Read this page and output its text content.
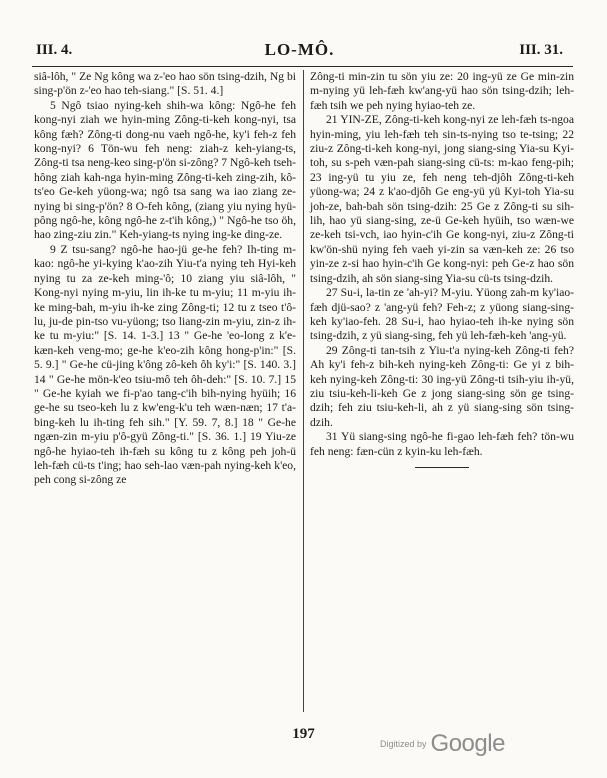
III. 4.	LO-MÔ.	III. 31.

siâ-lôh, " Ze Ng kông wa z-'eo hao sön tsing-dzih, Ng bi sing-p'ön z-'eo hao teh-siang." [S. 51. 4.]

5 Ngô tsiao nying-keh shih-wa kông: Ngô-he feh kong-nyi ziah we hyin-ming Zông-ti-keh kong-nyi, tsa kông fæh? Zông-ti dong-nu vaeh ngô-he, ky'i feh-z feh kong-nyi? 6 Tön-wu feh neng: ziah-z keh-yiang-ts, Zông-ti tsa neng-keo sing-p'ön si-zông? 7 Ngô-keh tseh-hông ziah kah-nga hyin-ming Zông-ti-keh zing-zih, kô-ts'eo Ge-keh yüong-wa; ngô tsa sang wa iao ziang ze-nying bi sing-p'ön? 8 O-feh kông, (ziang yiu nying hyü-pông ngô-he, kông ngô-he z-t'ih kông,) " Ngô-he tso öh, hao zing-ziu zin." Keh-yiang-ts nying ing-ke ding-ze.

9 Z tsu-sang? ngô-he hao-jü ge-he feh? Ih-ting m-kao: ngô-he yi-kying k'ao-zih Yiu-t'a nying teh Hyi-keh nying tu za ze-keh ming-'ô; 10 ziang yiu siâ-lôh, " Kong-nyi nying m-yiu, lin ih-ke tu m-yiu; 11 m-yiu ih-ke ming-bah, m-yiu ih-ke zing Zông-ti; 12 tu z tseo t'ô-lu, ju-de pin-tso vu-yüong; tso liang-zin m-yiu, zin-z ih-ke tu m-yiu:" [S. 14. 1-3.] 13 " Ge-he 'eo-long z k'e-kæn-keh veng-mo; ge-he k'eo-zih kông hong-p'in:" [S. 5. 9.] " Ge-he cü-jing k'ông zô-keh ôh ky'i:" [S. 140. 3.] 14 " Ge-he mön-k'eo tsiu-mô teh ôh-deh:" [S. 10. 7.] 15 " Ge-he kyiah we fi-p'ao tang-c'ih bih-nying hyüih; 16 ge-he su tseo-keh lu z kw'eng-k'u teh wæn-næn; 17 t'a-bing-keh lu ih-ting feh sih." [Y. 59. 7, 8.] 18 " Ge-he ngæn-zin m-yiu p'ô-gyü Zông-ti." [S. 36. 1.] 19 Yiu-ze ngô-he hyiao-teh ih-fæh su kông tu z kông peh joh-ü leh-fæh cü-ts t'ing; hao seh-lao væn-pah nying-keh k'eo, peh cong si-zông ze

Zông-ti min-zin tu sön yiu ze: 20 ing-yü ze Ge min-zin m-nying yü leh-fæh kw'ang-yü hao sön tsing-dzih; leh-fæh tsih we peh nying hyiao-teh ze.

21 YIN-ZE, Zông-ti-keh kong-nyi ze leh-fæh ts-ngoa hyin-ming, yiu leh-fæh teh sin-ts-nying tso te-tsing; 22 ziu-z Zông-ti-keh kong-nyi, jong siang-sing Yia-su Kyi-toh, su s-peh væn-pah siang-sing cü-ts: m-kao feng-pih; 23 ing-yü tu yiu ze, feh neng teh-djôh Zông-ti-keh yüong-wa; 24 z k'ao-djôh Ge eng-yü yü Kyi-toh Yia-su joh-ze, bah-bah sön tsing-dzih: 25 Ge z Zông-ti su sih-lih, hao yü siang-sing, ze-ü Ge-keh hyüih, tso wæn-we ze-keh tsi-vch, iao hyin-c'ih Ge kong-nyi, ziu-z Zông-ti kw'ön-shü nying feh vaeh yi-zin sa væn-keh ze: 26 tso yin-ze z-si hao hyin-c'ih Ge kong-nyi: peh Ge-z hao sön tsing-dzih, ah sön siang-sing Yia-su cü-ts tsing-dzih.

27 Su-i, la-tin ze 'ah-yi? M-yiu. Yüong zah-m ky'iao-fæh djü-sao? z 'ang-yü feh? Feh-z; z yüong siang-sing-keh ky'iao-feh. 28 Su-i, hao hyiao-teh ih-ke nying sön tsing-dzih, z yü siang-sing, feh yü leh-fæh-keh 'ang-yü.

29 Zông-ti tan-tsih z Yiu-t'a nying-keh Zông-ti feh? Ah ky'i feh-z bih-keh nying-keh Zông-ti: Ge yi z bih-keh nying-keh Zông-ti: 30 ing-yü Zông-ti tsih-yiu ih-yü, ziu tsiu-keh-li-keh Ge z jong siang-sing sön ge tsing-dzih; feh ziu tsiu-keh-li, ah z yü siang-sing sön tsing-dzih.

31 Yü siang-sing ngô-he fi-gao leh-fæh feh? tön-wu feh neng: fæn-cün z kyin-ku leh-fæh.

197
Digitized by Google
